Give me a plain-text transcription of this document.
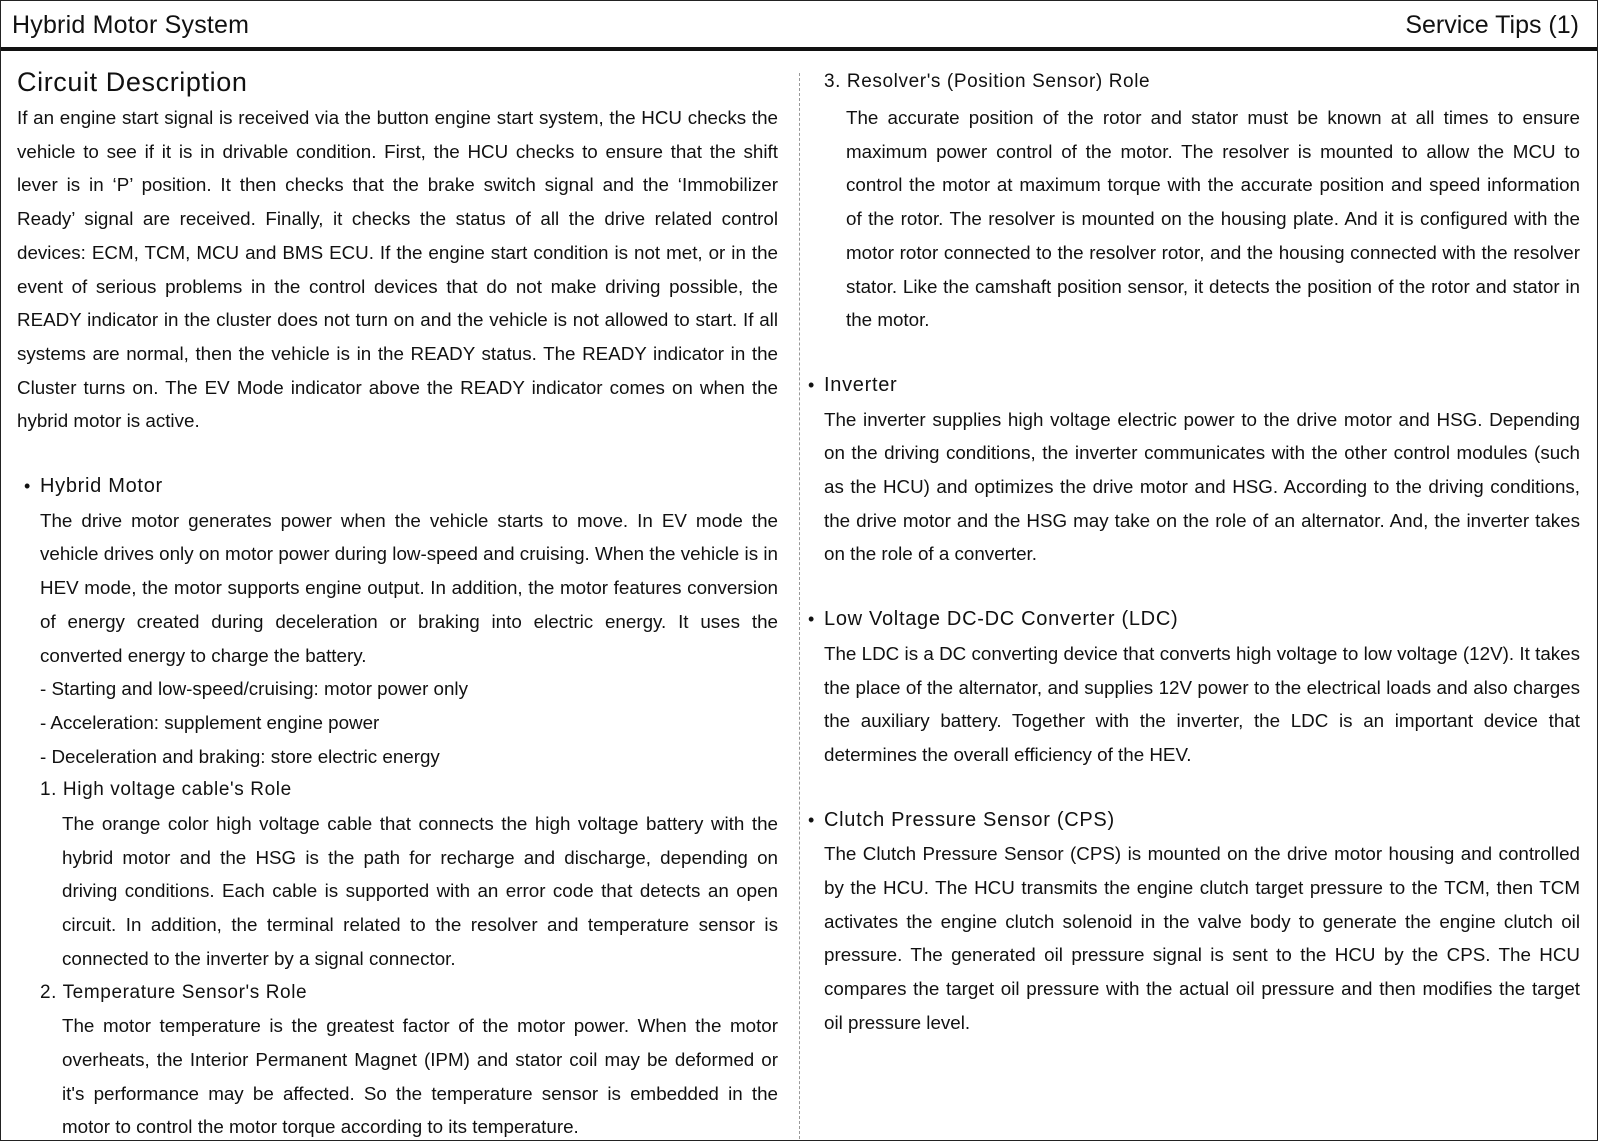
Hybrid Motor System	Service Tips (1)

Circuit Description

If an engine start signal is received via the button engine start system, the HCU checks the vehicle to see if it is in drivable condition. First, the HCU checks to ensure that the shift lever is in ‘P’ position. It then checks that the brake switch signal and the ‘Immobilizer Ready’ signal are received. Finally, it checks the status of all the drive related control devices: ECM, TCM, MCU and BMS ECU. If the engine start condition is not met, or in the event of serious problems in the control devices that do not make driving possible, the READY indicator in the cluster does not turn on and the vehicle is not allowed to start. If all systems are normal, then the vehicle is in the READY status. The READY indicator in the Cluster turns on. The EV Mode indicator above the READY indicator comes on when the hybrid motor is active.

• Hybrid Motor

The drive motor generates power when the vehicle starts to move. In EV mode the vehicle drives only on motor power during low-speed and cruising. When the vehicle is in HEV mode, the motor supports engine output. In addition, the motor features conversion of energy created during deceleration or braking into electric energy. It uses the converted energy to charge the battery.

- Starting and low-speed/cruising: motor power only

- Acceleration: supplement engine power

- Deceleration and braking: store electric energy

1. High voltage cable's Role

The orange color high voltage cable that connects the high voltage battery with the hybrid motor and the HSG is the path for recharge and discharge, depending on driving conditions. Each cable is supported with an error code that detects an open circuit. In addition, the terminal related to the resolver and temperature sensor is connected to the inverter by a signal connector.

2. Temperature Sensor's Role

The motor temperature is the greatest factor of the motor power. When the motor overheats, the Interior Permanent Magnet (IPM) and stator coil may be deformed or it's performance may be affected. So the temperature sensor is embedded in the motor to control the motor torque according to its temperature.

3. Resolver's (Position Sensor) Role

The accurate position of the rotor and stator must be known at all times to ensure maximum power control of the motor. The resolver is mounted to allow the MCU to control the motor at maximum torque with the accurate position and speed information of the rotor. The resolver is mounted on the housing plate. And it is configured with the motor rotor connected to the resolver rotor, and the housing connected with the resolver stator. Like the camshaft position sensor, it detects the position of the rotor and stator in the motor.

• Inverter

The inverter supplies high voltage electric power to the drive motor and HSG. Depending on the driving conditions, the inverter communicates with the other control modules (such as the HCU) and optimizes the drive motor and HSG. According to the driving conditions, the drive motor and the HSG may take on the role of an alternator. And, the inverter takes on the role of a converter.

• Low Voltage DC-DC Converter (LDC)

The LDC is a DC converting device that converts high voltage to low voltage (12V). It takes the place of the alternator, and supplies 12V power to the electrical loads and also charges the auxiliary battery. Together with the inverter, the LDC is an important device that determines the overall efficiency of the HEV.

• Clutch Pressure Sensor (CPS)

The Clutch Pressure Sensor (CPS) is mounted on the drive motor housing and controlled by the HCU. The HCU transmits the engine clutch target pressure to the TCM, then TCM activates the engine clutch solenoid in the valve body to generate the engine clutch oil pressure. The generated oil pressure signal is sent to the HCU by the CPS. The HCU compares the target oil pressure with the actual oil pressure and then modifies the target oil pressure level.
